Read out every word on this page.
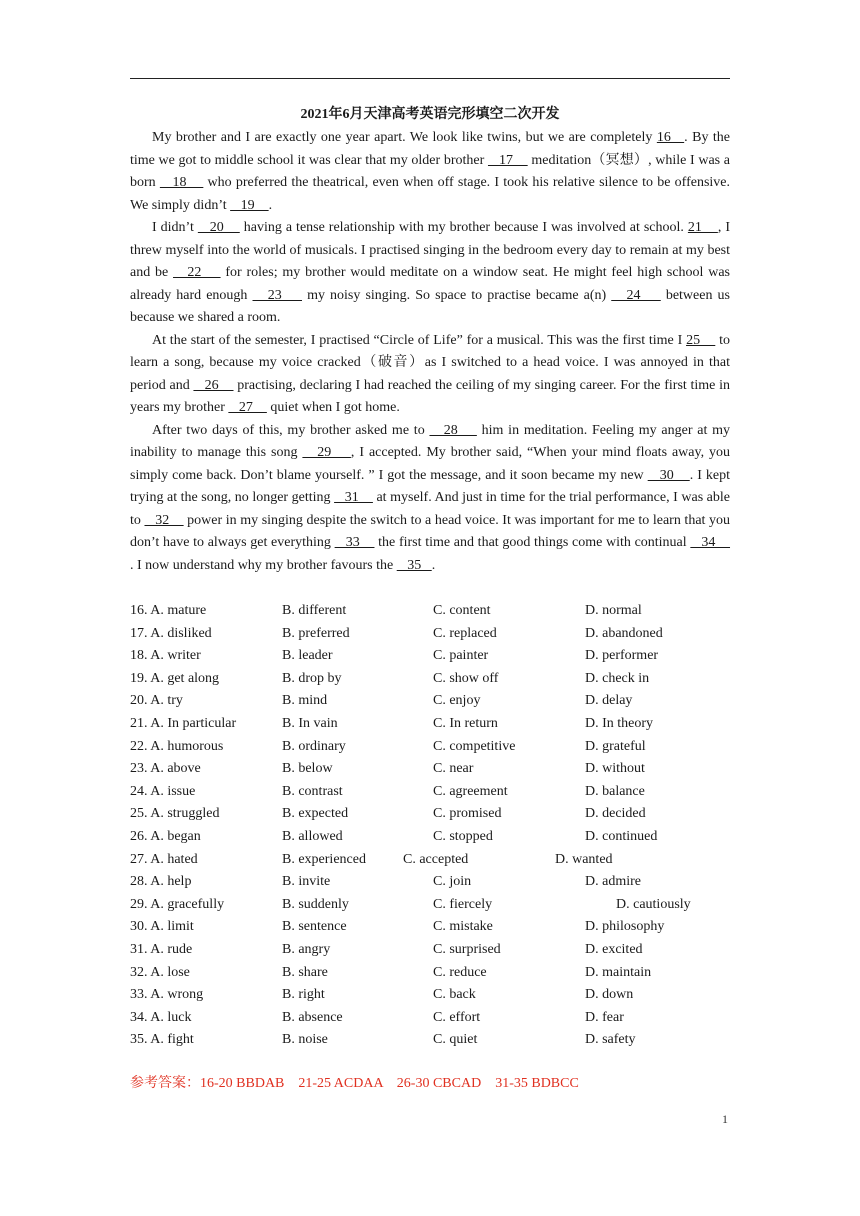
2021年6月天津高考英语完形填空二次开发

My brother and I are exactly one year apart. We look like twins, but we are completely 16   . By the time we got to middle school it was clear that my older brother    17     meditation（冥想）, while I was a born    18     who preferred the theatrical, even when off stage. I took his relative silence to be offensive. We simply didn’t    19    .

I didn’t    20     having a tense relationship with my brother because I was involved at school. 21    , I threw myself into the world of musicals. I practised singing in the bedroom every day to remain at my best and be    22     for roles; my brother would meditate on a window seat. He might feel high school was already hard enough    23     my noisy singing. So space to practise became a(n)    24     between us because we shared a room.

At the start of the semester, I practised “Circle of Life” for a musical. This was the first time I 25     to learn a song, because my voice cracked（破音）as I switched to a head voice. I was annoyed in that period and    26     practising, declaring I had reached the ceiling of my singing career. For the first time in years my brother    27     quiet when I got home.

After two days of this, my brother asked me to    28     him in meditation. Feeling my anger at my inability to manage this song    29    , I accepted. My brother said, “When your mind floats away, you simply come back. Don’t blame yourself. ” I got the message, and it soon became my new    30    . I kept trying at the song, no longer getting    31     at myself. And just in time for the trial performance, I was able to    32     power in my singing despite the switch to a head voice. It was important for me to learn that you don’t have to always get everything    33     the first time and that good things come with continual    34     . I now understand why my brother favours the    35   .

16. A. mature	B. different	C. content	D. normal
17. A. disliked	B. preferred	C. replaced	D. abandoned
18. A. writer	B. leader	C. painter	D. performer
19. A. get along	B. drop by	C. show off	D. check in
20. A. try	B. mind	C. enjoy	D. delay
21. A. In particular	B. In vain	C. In return	D. In theory
22. A. humorous	B. ordinary	C. competitive	D. grateful
23. A. above	B. below	C. near	D. without
24. A. issue	B. contrast	C. agreement	D. balance
25. A. struggled	B. expected	C. promised	D. decided
26. A. began	B. allowed	C. stopped	D. continued
27. A. hated	B. experienced	C. accepted	D. wanted
28. A. help	B. invite	C. join	D. admire
29. A. gracefully	B. suddenly	C. fiercely	D. cautiously
30. A. limit	B. sentence	C. mistake	D. philosophy
31. A. rude	B. angry	C. surprised	D. excited
32. A. lose	B. share	C. reduce	D. maintain
33. A. wrong	B. right	C. back	D. down
34. A. luck	B. absence	C. effort	D. fear
35. A. fight	B. noise	C. quiet	D. safety
参考答案：16-20 BBDAB    21-25 ACDAA    26-30 CBCAD    31-35 BDBCC
1
